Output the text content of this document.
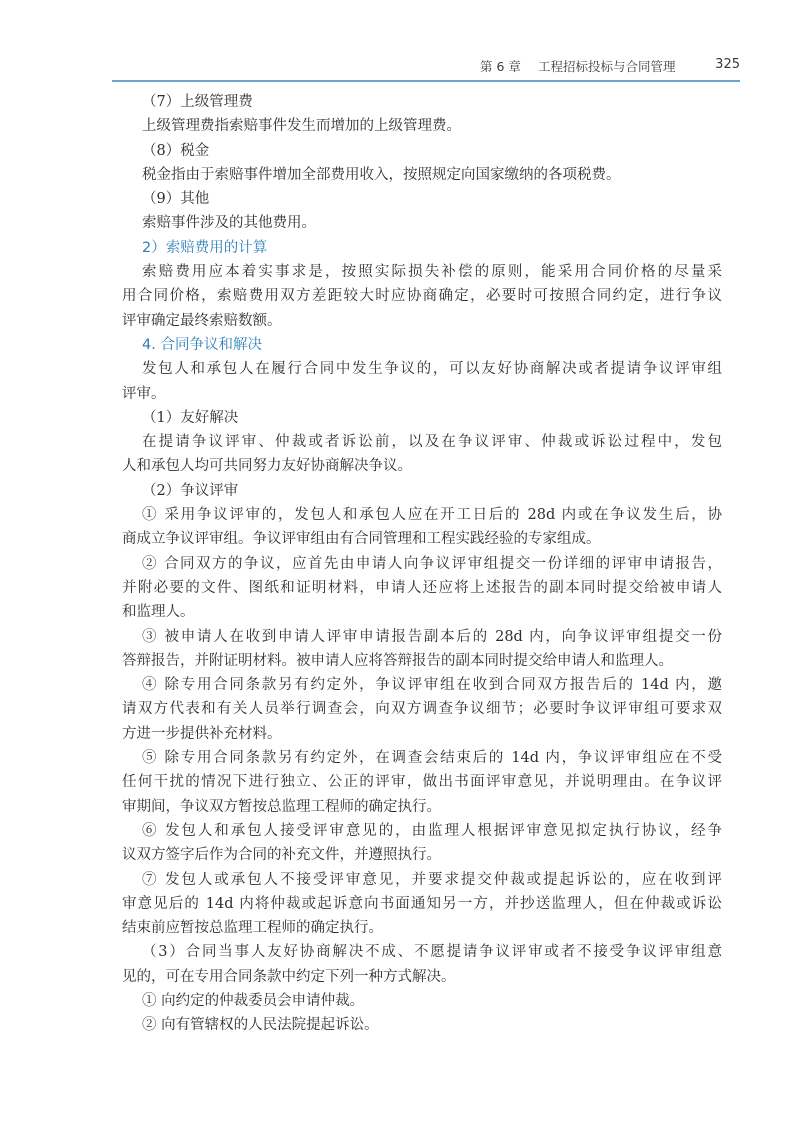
第 6 章 工程招标投标与合同管理	325
（7）上级管理费
上级管理费指索赔事件发生而增加的上级管理费。
（8）税金
税金指由于索赔事件增加全部费用收入，按照规定向国家缴纳的各项税费。
（9）其他
索赔事件涉及的其他费用。
2）索赔费用的计算
索赔费用应本着实事求是，按照实际损失补偿的原则，能采用合同价格的尽量采
用合同价格，索赔费用双方差距较大时应协商确定，必要时可按照合同约定，进行争议
评审确定最终索赔数额。
4. 合同争议和解决
发包人和承包人在履行合同中发生争议的，可以友好协商解决或者提请争议评审组
评审。
（1）友好解决
在提请争议评审、仲裁或者诉讼前，以及在争议评审、仲裁或诉讼过程中，发包
人和承包人均可共同努力友好协商解决争议。
（2）争议评审
① 采用争议评审的，发包人和承包人应在开工日后的 28d 内或在争议发生后，协
商成立争议评审组。争议评审组由有合同管理和工程实践经验的专家组成。
② 合同双方的争议，应首先由申请人向争议评审组提交一份详细的评审申请报告，
并附必要的文件、图纸和证明材料，申请人还应将上述报告的副本同时提交给被申请人
和监理人。
③ 被申请人在收到申请人评审申请报告副本后的 28d 内，向争议评审组提交一份
答辩报告，并附证明材料。被申请人应将答辩报告的副本同时提交给申请人和监理人。
④ 除专用合同条款另有约定外，争议评审组在收到合同双方报告后的 14d 内，邀
请双方代表和有关人员举行调查会，向双方调查争议细节；必要时争议评审组可要求双
方进一步提供补充材料。
⑤ 除专用合同条款另有约定外，在调查会结束后的 14d 内，争议评审组应在不受
任何干扰的情况下进行独立、公正的评审，做出书面评审意见，并说明理由。在争议评
审期间，争议双方暂按总监理工程师的确定执行。
⑥ 发包人和承包人接受评审意见的，由监理人根据评审意见拟定执行协议，经争
议双方签字后作为合同的补充文件，并遵照执行。
⑦ 发包人或承包人不接受评审意见，并要求提交仲裁或提起诉讼的，应在收到评
审意见后的 14d 内将仲裁或起诉意向书面通知另一方，并抄送监理人，但在仲裁或诉讼
结束前应暂按总监理工程师的确定执行。
（3）合同当事人友好协商解决不成、不愿提请争议评审或者不接受争议评审组意
见的，可在专用合同条款中约定下列一种方式解决。
① 向约定的仲裁委员会申请仲裁。
② 向有管辖权的人民法院提起诉讼。
